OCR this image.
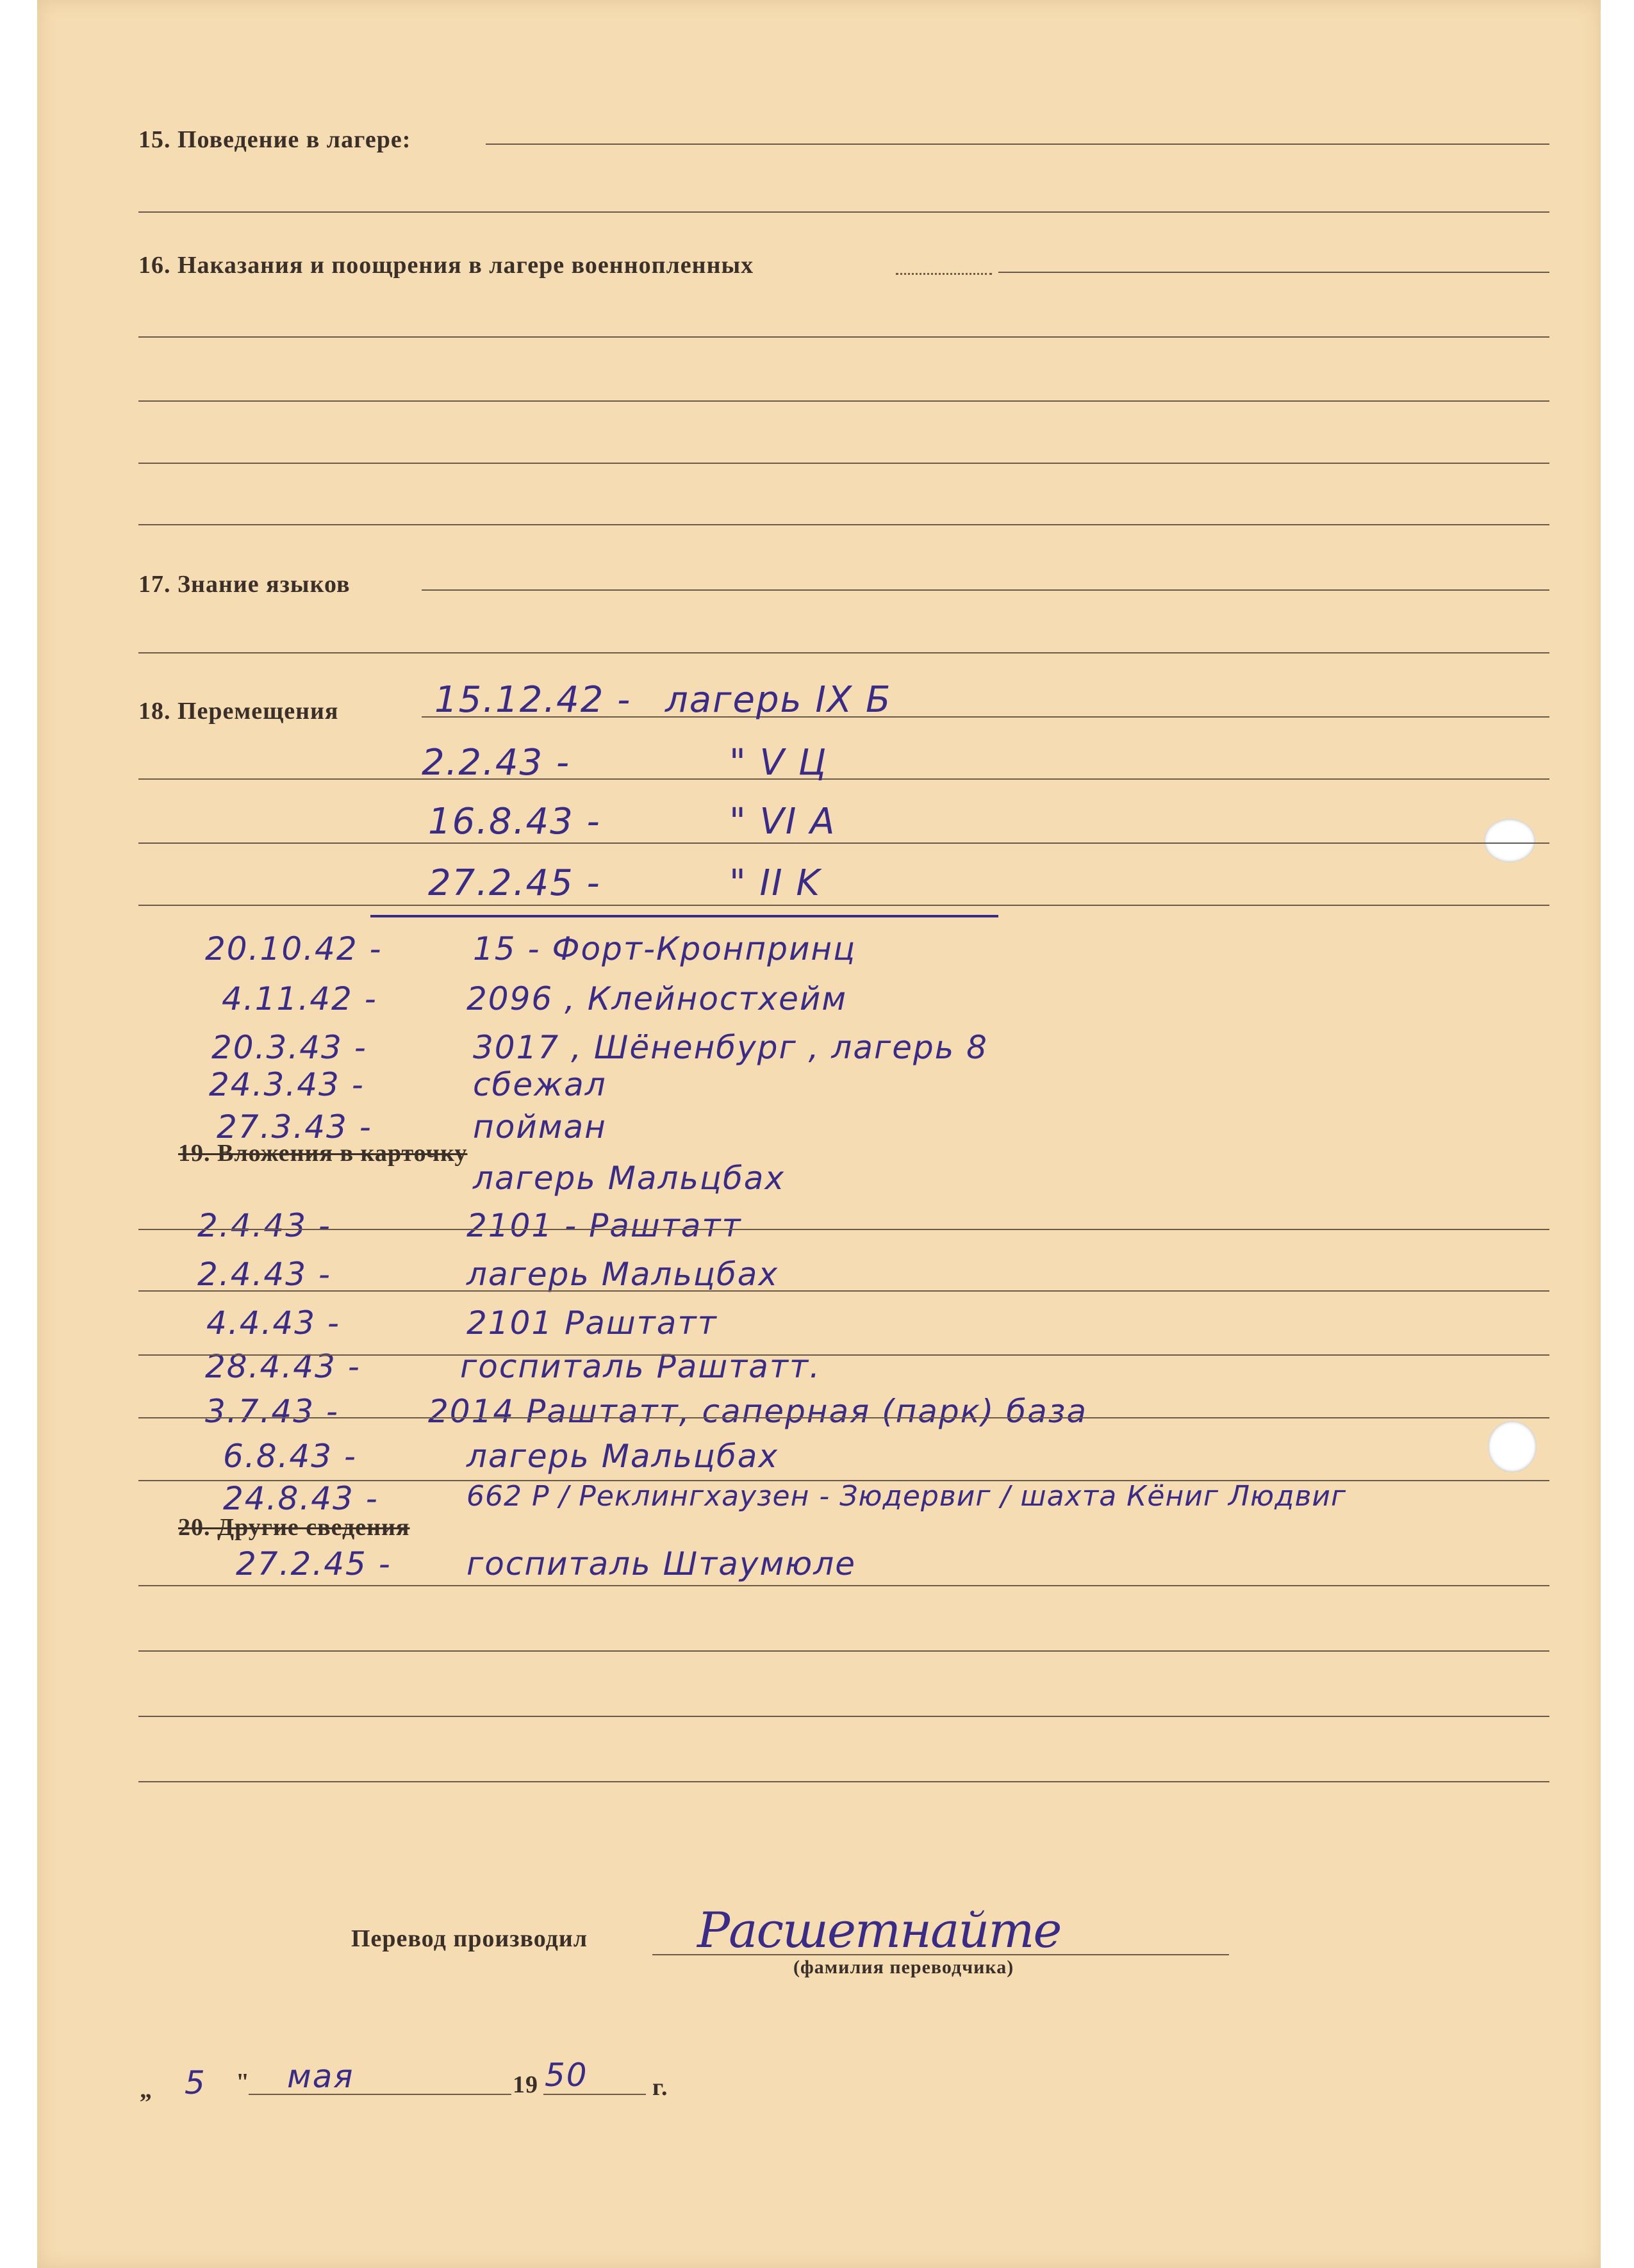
15. Поведение в лагере:
16. Наказания и поощрения в лагере военнопленных
17. Знание языков
18. Перемещения	15.12.42 - лагерь IX Б
2.2.43 -	" V Ц
16.8.43 -	" VI A
27.2.45 -	" II K
20.10.42 -	15 - Форт-Кронпринц
4.11.42 -	2096 , Клейностхейм
20.3.43 -	3017 , Шёненбург , лагерь 8
24.3.43 -	сбежал
27.3.43 -	пойман
19. Вложения в карточку
лагерь Мальцбах
2.4.43 -	2101 - Раштатт
2.4.43 -	лагерь Мальцбах
4.4.43 -	2101 Раштатт
28.4.43 -	госпиталь Раштатт.
3.7.43 -	2014 Раштатт, саперная (парк) база
6.8.43 -	лагерь Мальцбах
24.8.43 -	662 Р / Реклингхаузен - Зюдервиг / шахта Кёниг Людвиг
20. Другие сведения
27.2.45 - госпиталь Штаумюле
Перевод производил Расшетнайте
(фамилия переводчика)
„ 5 " мая	19 50	г.
